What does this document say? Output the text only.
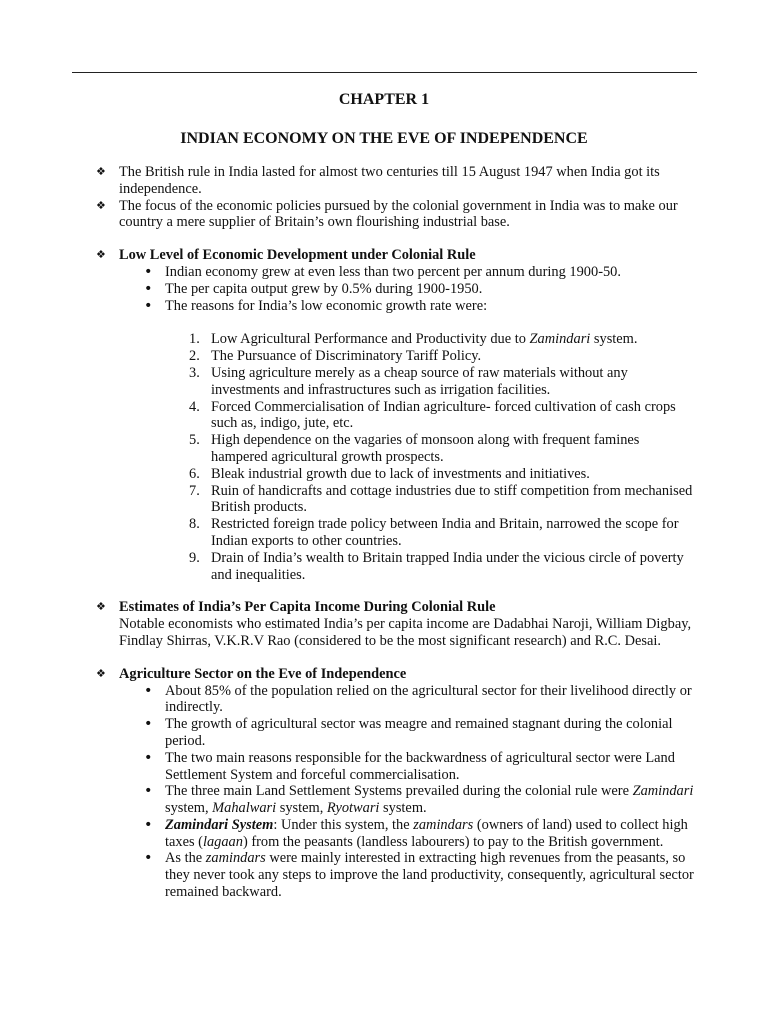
CHAPTER 1
INDIAN ECONOMY ON THE EVE OF INDEPENDENCE
❖ The British rule in India lasted for almost two centuries till 15 August 1947 when India got its independence.
❖ The focus of the economic policies pursued by the colonial government in India was to make our country a mere supplier of Britain’s own flourishing industrial base.
❖ Low Level of Economic Development under Colonial Rule
• Indian economy grew at even less than two percent per annum during 1900-50.
• The per capita output grew by 0.5% during 1900-1950.
• The reasons for India’s low economic growth rate were:
1. Low Agricultural Performance and Productivity due to Zamindari system.
2. The Pursuance of Discriminatory Tariff Policy.
3. Using agriculture merely as a cheap source of raw materials without any investments and infrastructures such as irrigation facilities.
4. Forced Commercialisation of Indian agriculture- forced cultivation of cash crops such as, indigo, jute, etc.
5. High dependence on the vagaries of monsoon along with frequent famines hampered agricultural growth prospects.
6. Bleak industrial growth due to lack of investments and initiatives.
7. Ruin of handicrafts and cottage industries due to stiff competition from mechanised British products.
8. Restricted foreign trade policy between India and Britain, narrowed the scope for Indian exports to other countries.
9. Drain of India’s wealth to Britain trapped India under the vicious circle of poverty and inequalities.
❖ Estimates of India’s Per Capita Income During Colonial Rule
Notable economists who estimated India’s per capita income are Dadabhai Naroji, William Digbay, Findlay Shirras, V.K.R.V Rao (considered to be the most significant research) and R.C. Desai.
❖ Agriculture Sector on the Eve of Independence
• About 85% of the population relied on the agricultural sector for their livelihood directly or indirectly.
• The growth of agricultural sector was meagre and remained stagnant during the colonial period.
• The two main reasons responsible for the backwardness of agricultural sector were Land Settlement System and forceful commercialisation.
• The three main Land Settlement Systems prevailed during the colonial rule were Zamindari system, Mahalwari system, Ryotwari system.
• Zamindari System: Under this system, the zamindars (owners of land) used to collect high taxes (lagaan) from the peasants (landless labourers) to pay to the British government.
• As the zamindars were mainly interested in extracting high revenues from the peasants, so they never took any steps to improve the land productivity, consequently, agricultural sector remained backward.
